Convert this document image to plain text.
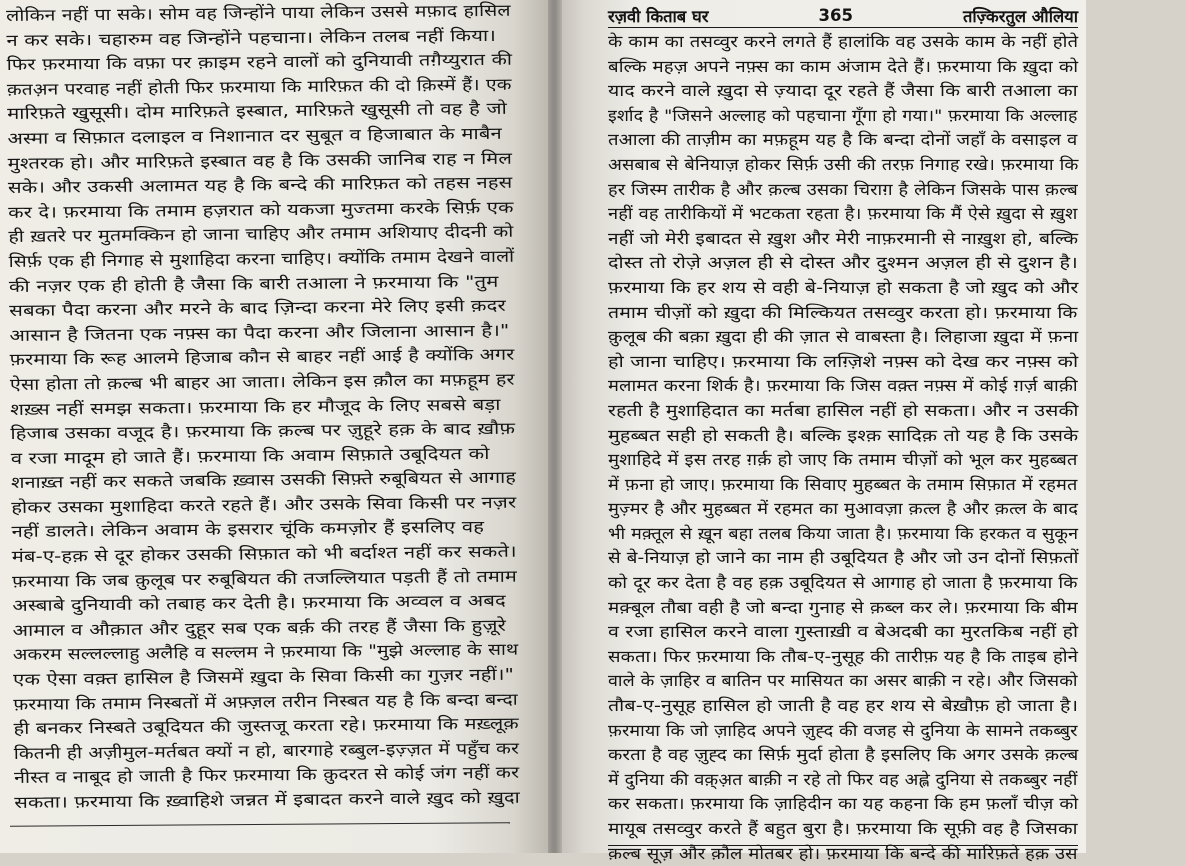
लोकिन नहीं पा सके। सोम वह जिन्होंने पाया लेकिन उससे मफ़ाद हासिल
न कर सके। चहारुम वह जिन्होंने पहचाना। लेकिन तलब नहीं किया।
फिर फ़रमाया कि वफ़ा पर क़ाइम रहने वालों को दुनियावी तग़ैय्युरात की
क़तअ़न परवाह नहीं होती फिर फ़रमाया कि मारिफ़त की दो क़िस्में हैं। एक
मारिफ़ते खुसूसी। दोम मारिफ़ते इस्बात, मारिफ़ते खुसूसी तो वह है जो
अस्मा व सिफ़ात दलाइल व निशानात दर सुबूत व हिजाबात के माबैन
मुश्तरक हो। और मारिफ़ते इस्बात वह है कि उसकी जानिब राह न मिल
सके। और उकसी अलामत यह है कि बन्दे की मारिफ़त को तहस नहस
कर दे। फ़रमाया कि तमाम हज़रात को यकजा मुज्तमा करके सिर्फ़ एक
ही ख़तरे पर मुतमक्किन हो जाना चाहिए और तमाम अशियाए दीदनी को
सिर्फ़ एक ही निगाह से मुशाहिदा करना चाहिए। क्योंकि तमाम देखने वालों
की नज़र एक ही होती है जैसा कि बारी तआला ने फ़रमाया कि "तुम
सबका पैदा करना और मरने के बाद ज़िन्दा करना मेरे लिए इसी क़दर
आसान है जितना एक नफ़्स का पैदा करना और जिलाना आसान है।"
फ़रमाया कि रूह आलमे हिजाब कौन से बाहर नहीं आई है क्योंकि अगर
ऐसा होता तो क़ल्ब भी बाहर आ जाता। लेकिन इस क़ौल का मफ़हूम हर
शख़्स नहीं समझ सकता। फ़रमाया कि हर मौजूद के लिए सबसे बड़ा
हिजाब उसका वजूद है। फ़रमाया कि क़ल्ब पर ज़ुहूरे हक़ के बाद ख़ौफ़
व रजा मादूम हो जाते हैं। फ़रमाया कि अवाम सिफ़ाते उबूदियत को
शनाख़्त नहीं कर सकते जबकि ख़्वास उसकी सिफ़्ते रुबूबियत से आगाह
होकर उसका मुशाहिदा करते रहते हैं। और उसके सिवा किसी पर नज़र
नहीं डालते। लेकिन अवाम के इसरार चूंकि कमज़ोर हैं इसलिए वह
मंब-ए-हक़ से दूर होकर उसकी सिफ़ात को भी बर्दाश्त नहीं कर सकते।
फ़रमाया कि जब क़ुलूब पर रुबूबियत की तजल्लियात पड़ती हैं तो तमाम
अस्बाबे दुनियावी को तबाह कर देती है। फ़रमाया कि अव्वल व अबद
आमाल व औक़ात और दुहूर सब एक बर्क़ की तरह हैं जैसा कि हुज़ूरे
अकरम सल्लल्लाहु अलैहि व सल्लम ने फ़रमाया कि "मुझे अल्लाह के साथ
एक ऐसा वक़्त हासिल है जिसमें ख़ुदा के सिवा किसी का गुज़र नहीं।"
फ़रमाया कि तमाम निस्बतों में अफ़्ज़ल तरीन निस्बत यह है कि बन्दा बन्दा
ही बनकर निस्बते उबूदियत की जुस्तजू करता रहे। फ़रमाया कि मख़्लूक़
कितनी ही अज़ीमुल-मर्तबत क्यों न हो, बारगाहे रब्बुल-इज़्ज़त में पहुँच कर
नीस्त व नाबूद हो जाती है फिर फ़रमाया कि क़ुदरत से कोई जंग नहीं कर
सकता। फ़रमाया कि ख़्वाहिशे जन्नत में इबादत करने वाले ख़ुद को ख़ुदा
रज़वी किताब घर	365	तज़्किरतुल औलिया
के काम का तसव्वुर करने लगते हैं हालांकि वह उसके काम के नहीं होते
बल्कि महज़ अपने नफ़्स का काम अंजाम देते हैं। फ़रमाया कि ख़ुदा को
याद करने वाले ख़ुदा से ज़्यादा दूर रहते हैं जैसा कि बारी तआला का
इर्शाद है "जिसने अल्लाह को पहचाना गूँगा हो गया।" फ़रमाया कि अल्लाह
तआला की ताज़ीम का मफ़हूम यह है कि बन्दा दोनों जहाँ के वसाइल व
असबाब से बेनियाज़ होकर सिर्फ़ उसी की तरफ़ निगाह रखे। फ़रमाया कि
हर जिस्म तारीक है और क़ल्ब उसका चिराग़ है लेकिन जिसके पास क़ल्ब
नहीं वह तारीकियों में भटकता रहता है। फ़रमाया कि मैं ऐसे ख़ुदा से ख़ुश
नहीं जो मेरी इबादत से ख़ुश और मेरी नाफ़रमानी से नाख़ुश हो, बल्कि
दोस्त तो रोज़े अज़ल ही से दोस्त और दुश्मन अज़ल ही से दुशन है।
फ़रमाया कि हर शय से वही बे-नियाज़ हो सकता है जो ख़ुद को और
तमाम चीज़ों को ख़ुदा की मिल्कियत तसव्वुर करता हो। फ़रमाया कि
क़ुलूब की बक़ा ख़ुदा ही की ज़ात से वाबस्ता है। लिहाजा ख़ुदा में फ़ना
हो जाना चाहिए। फ़रमाया कि लग़्ज़िशे नफ़्स को देख कर नफ़्स को
मलामत करना शिर्क है। फ़रमाया कि जिस वक़्त नफ़्स में कोई ग़र्ज़ बाक़ी
रहती है मुशाहिदात का मर्तबा हासिल नहीं हो सकता। और न उसकी
मुहब्बत सही हो सकती है। बल्कि इश्क़ सादिक़ तो यह है कि उसके
मुशाहिदे में इस तरह ग़र्क़ हो जाए कि तमाम चीज़ों को भूल कर मुहब्बत
में फ़ना हो जाए। फ़रमाया कि सिवाए मुहब्बत के तमाम सिफ़ात में रहमत
मुज़्मर है और मुहब्बत में रहमत का मुआवज़ा क़त्ल है और क़त्ल के बाद
भी मक़्तूल से ख़ून बहा तलब किया जाता है। फ़रमाया कि हरकत व सुकून
से बे-नियाज़ हो जाने का नाम ही उबूदियत है और जो उन दोनों सिफ़तों
को दूर कर देता है वह हक़ उबूदियत से आगाह हो जाता है फ़रमाया कि
मक़्बूल तौबा वही है जो बन्दा गुनाह से क़ब्ल कर ले। फ़रमाया कि बीम
व रजा हासिल करने वाला गुस्ताख़ी व बेअदबी का मुरतकिब नहीं हो
सकता। फिर फ़रमाया कि तौब-ए-नुसूह की तारीफ़ यह है कि ताइब होने
वाले के ज़ाहिर व बातिन पर मासियत का असर बाक़ी न रहे। और जिसको
तौब-ए-नुसूह हासिल हो जाती है वह हर शय से बेख़ौफ़ हो जाता है।
फ़रमाया कि जो ज़ाहिद अपने ज़ुह्द की वजह से दुनिया के सामने तकब्बुर
करता है वह ज़ुह्द का सिर्फ़ मुर्दा होता है इसलिए कि अगर उसके क़ल्ब
में दुनिया की वक़्अ़त बाक़ी न रहे तो फिर वह अह्ले दुनिया से तकब्बुर नहीं
कर सकता। फ़रमाया कि ज़ाहिदीन का यह कहना कि हम फ़लाँ चीज़ को
मायूब तसव्वुर करते हैं बहुत बुरा है। फ़रमाया कि सूफ़ी वह है जिसका
क़ल्ब सूज़ और क़ौल मोतबर हो। फ़रमाया कि बन्दे की मारिफ़ते हक़ उस
